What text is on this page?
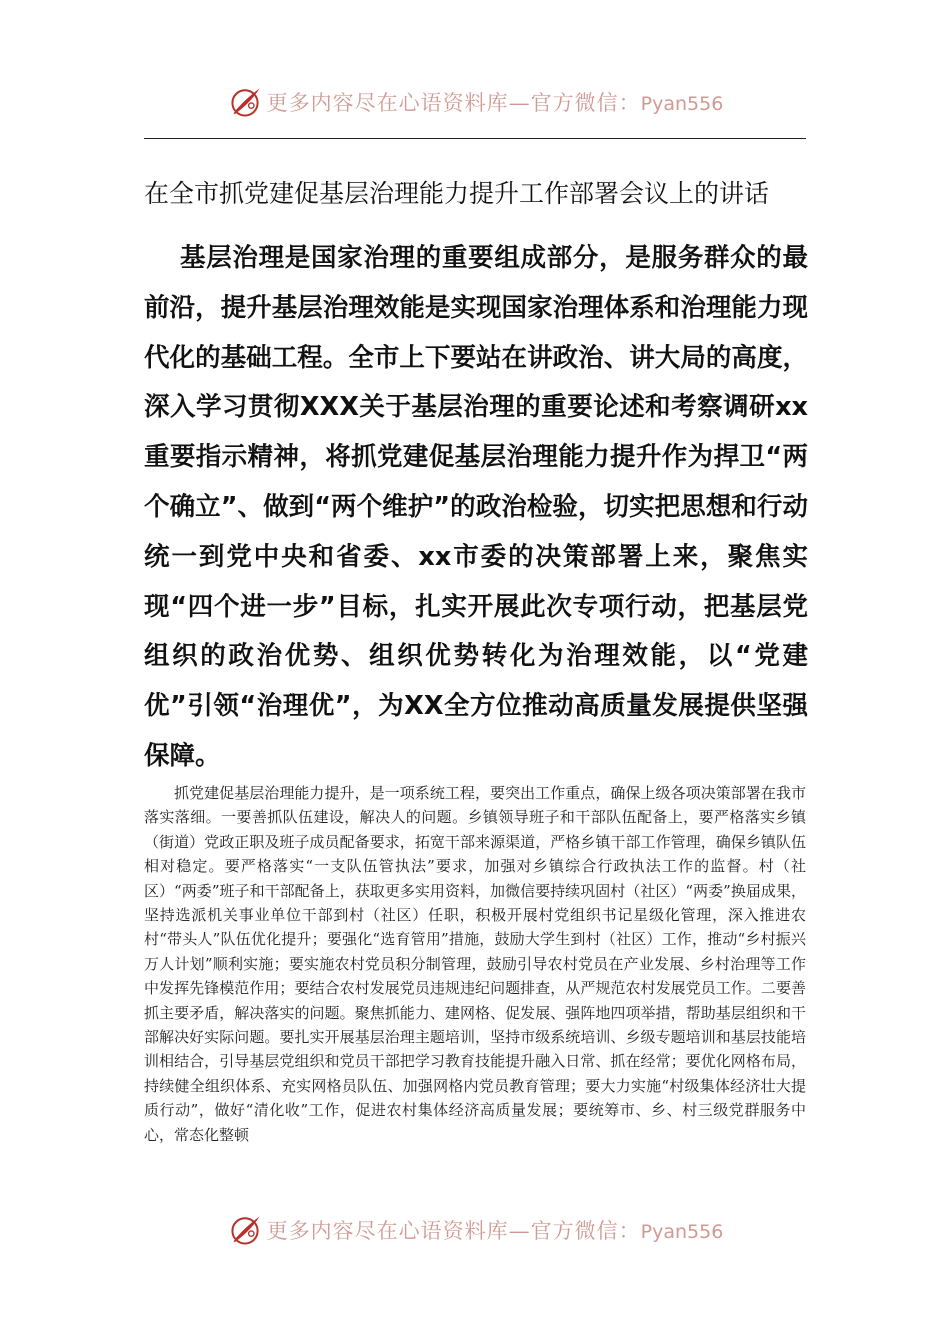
更多内容尽在心语资料库—官方微信：Pyan556
在全市抓党建促基层治理能力提升工作部署会议上的讲话

基层治理是国家治理的重要组成部分，是服务群众的最前沿，提升基层治理效能是实现国家治理体系和治理能力现代化的基础工程。全市上下要站在讲政治、讲大局的高度，深入学习贯彻XXX关于基层治理的重要论述和考察调研xx重要指示精神，将抓党建促基层治理能力提升作为捍卫“两个确立”、做到“两个维护”的政治检验，切实把思想和行动统一到党中央和省委、xx市委的决策部署上来，聚焦实现“四个进一步”目标，扎实开展此次专项行动，把基层党组织的政治优势、组织优势转化为治理效能，以“党建优”引领“治理优”，为XX全方位推动高质量发展提供坚强保障。

抓党建促基层治理能力提升，是一项系统工程，要突出工作重点，确保上级各项决策部署在我市落实落细。一要善抓队伍建设，解决人的问题。乡镇领导班子和干部队伍配备上，要严格落实乡镇（街道）党政正职及班子成员配备要求，拓宽干部来源渠道，严格乡镇干部工作管理，确保乡镇队伍相对稳定。要严格落实“一支队伍管执法”要求，加强对乡镇综合行政执法工作的监督。村（社区）“两委”班子和干部配备上，获取更多实用资料，加微信要持续巩固村（社区）“两委”换届成果，坚持选派机关事业单位干部到村（社区）任职，积极开展村党组织书记星级化管理，深入推进农村“带头人”队伍优化提升；要强化“选育管用”措施，鼓励大学生到村（社区）工作，推动“乡村振兴万人计划”顺利实施；要实施农村党员积分制管理，鼓励引导农村党员在产业发展、乡村治理等工作中发挥先锋模范作用；要结合农村发展党员违规违纪问题排查，从严规范农村发展党员工作。二要善抓主要矛盾，解决落实的问题。聚焦抓能力、建网格、促发展、强阵地四项举措，帮助基层组织和干部解决好实际问题。要扎实开展基层治理主题培训，坚持市级系统培训、乡级专题培训和基层技能培训相结合，引导基层党组织和党员干部把学习教育技能提升融入日常、抓在经常；要优化网格布局，持续健全组织体系、充实网格员队伍、加强网格内党员教育管理；要大力实施“村级集体经济壮大提质行动”，做好“清化收”工作，促进农村集体经济高质量发展；要统筹市、乡、村三级党群服务中心，常态化整顿

更多内容尽在心语资料库—官方微信：Pyan556
